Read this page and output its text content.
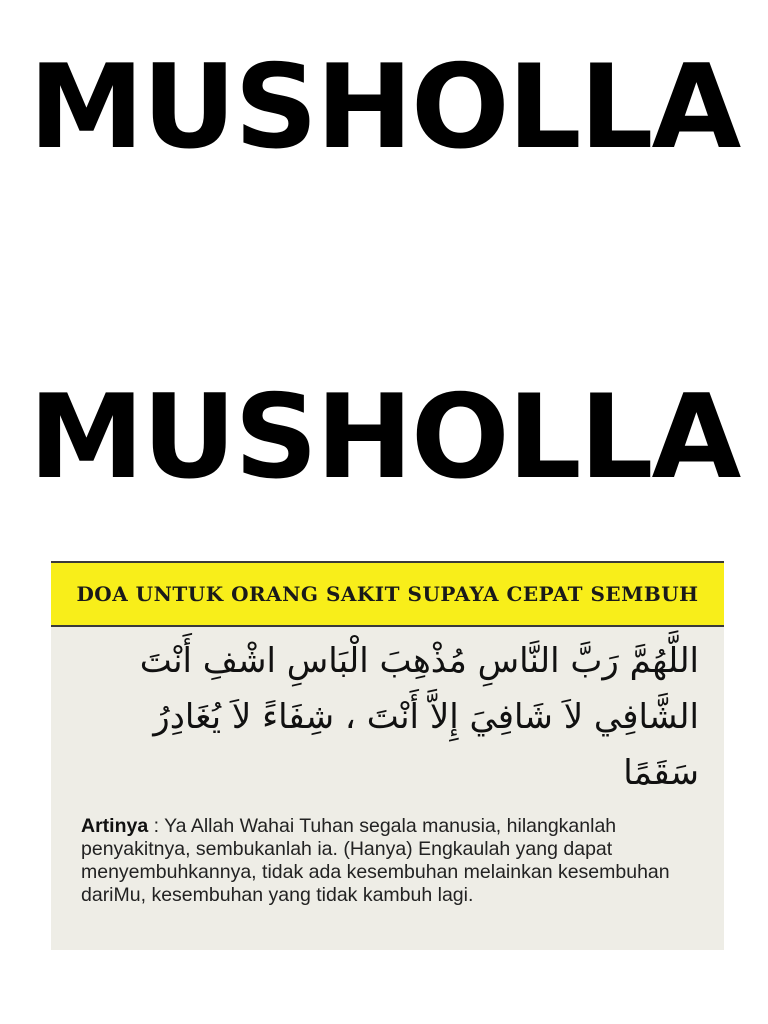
MUSHOLLA
MUSHOLLA
DOA UNTUK ORANG SAKIT SUPAYA CEPAT SEMBUH
اللَّهُمَّ رَبَّ النَّاسِ مُذْهِبَ الْبَاسِ اشْفِ أَنْتَ الشَّافِي لاَ شَافِيَ إِلاَّ أَنْتَ ، شِفَاءً لاَ يُغَادِرُ سَقَمًا
Artinya : Ya Allah Wahai Tuhan segala manusia, hilangkanlah penyakitnya, sembukanlah ia. (Hanya) Engkaulah yang dapat menyembuhkannya, tidak ada kesembuhan melainkan kesembuhan dariMu, kesembuhan yang tidak kambuh lagi.
